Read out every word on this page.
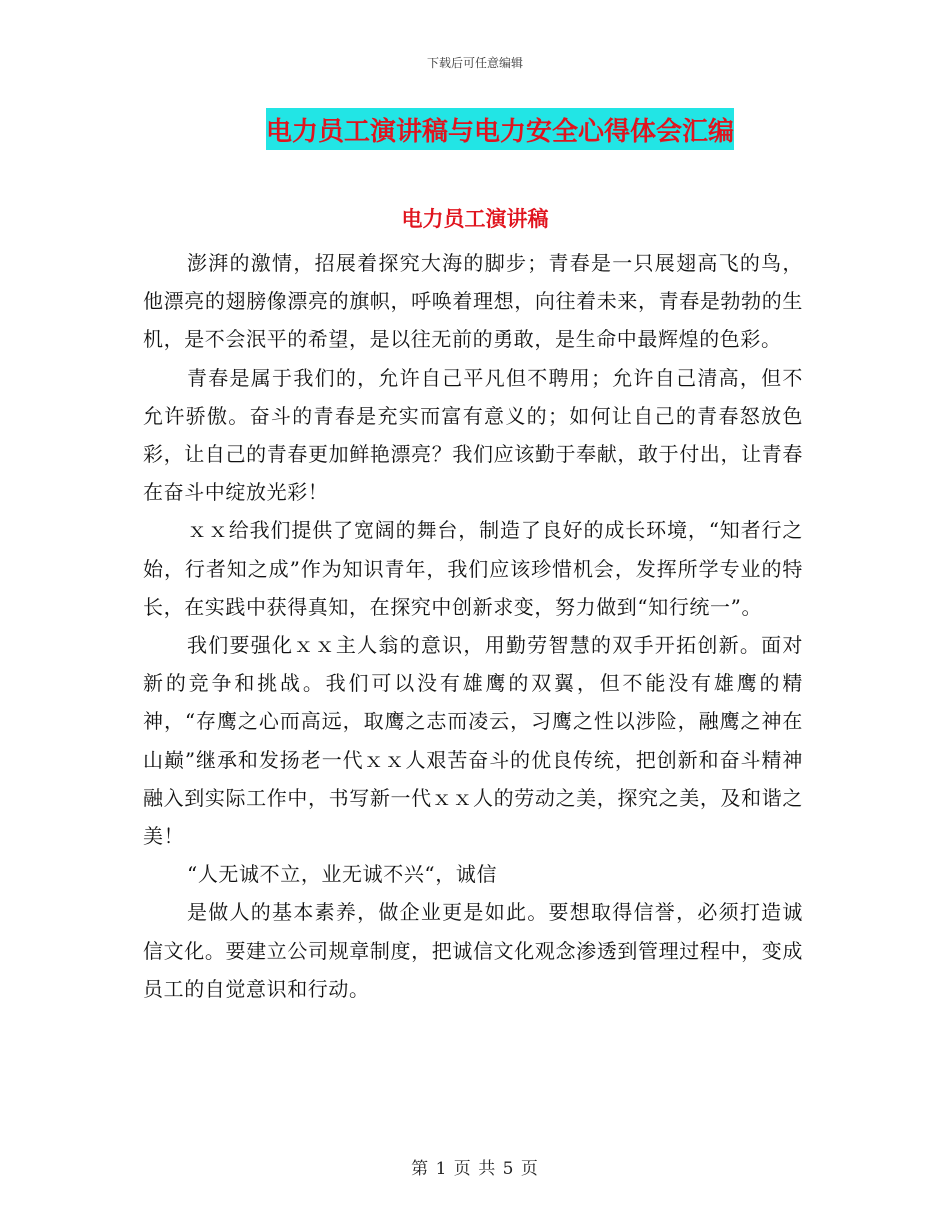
下载后可任意编辑
电力员工演讲稿与电力安全心得体会汇编
电力员工演讲稿

澎湃的激情，招展着探究大海的脚步；青春是一只展翅高飞的鸟，他漂亮的翅膀像漂亮的旗帜，呼唤着理想，向往着未来，青春是勃勃的生机，是不会泯平的希望，是以往无前的勇敢，是生命中最辉煌的色彩。

青春是属于我们的，允许自己平凡但不聘用；允许自己清高，但不允许骄傲。奋斗的青春是充实而富有意义的；如何让自己的青春怒放色彩，让自己的青春更加鲜艳漂亮？我们应该勤于奉献，敢于付出，让青春在奋斗中绽放光彩！

ｘｘ给我们提供了宽阔的舞台，制造了良好的成长环境，“知者行之始，行者知之成”作为知识青年，我们应该珍惜机会，发挥所学专业的特长，在实践中获得真知，在探究中创新求变，努力做到“知行统一”。

我们要强化ｘｘ主人翁的意识，用勤劳智慧的双手开拓创新。面对新的竞争和挑战。我们可以没有雄鹰的双翼，但不能没有雄鹰的精神，“存鹰之心而高远，取鹰之志而凌云，习鹰之性以涉险，融鹰之神在山巅”继承和发扬老一代ｘｘ人艰苦奋斗的优良传统，把创新和奋斗精神融入到实际工作中，书写新一代ｘｘ人的劳动之美，探究之美，及和谐之美！

“人无诚不立，业无诚不兴“，诚信

是做人的基本素养，做企业更是如此。要想取得信誉，必须打造诚信文化。要建立公司规章制度，把诚信文化观念渗透到管理过程中，变成员工的自觉意识和行动。

第 1 页 共 5 页
